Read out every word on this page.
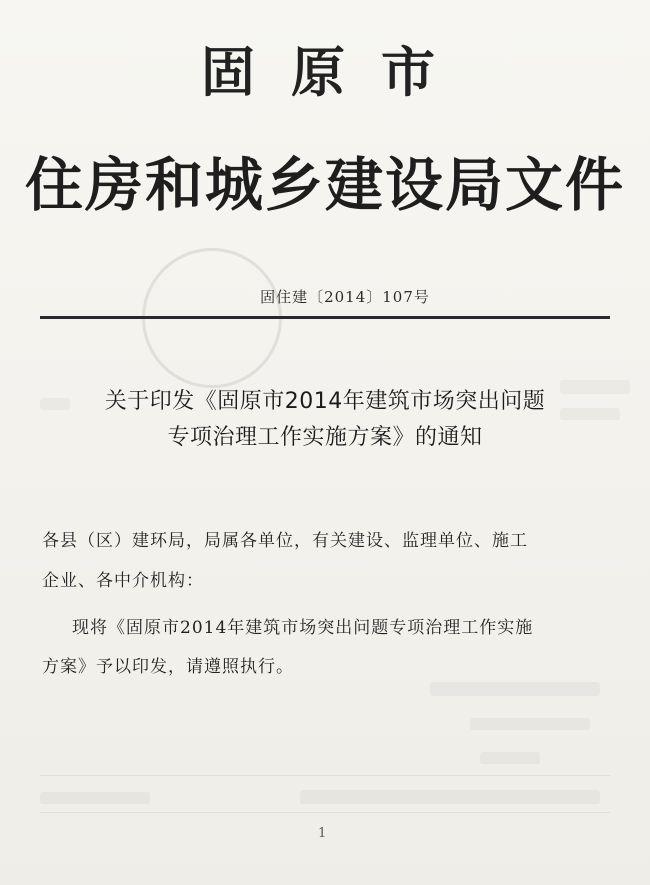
固原市
住房和城乡建设局文件
固住建〔2014〕107号
关于印发《固原市2014年建筑市场突出问题
专项治理工作实施方案》的通知
各县（区）建环局，局属各单位，有关建设、监理单位、施工
企业、各中介机构：
现将《固原市2014年建筑市场突出问题专项治理工作实施
方案》予以印发，请遵照执行。
1
